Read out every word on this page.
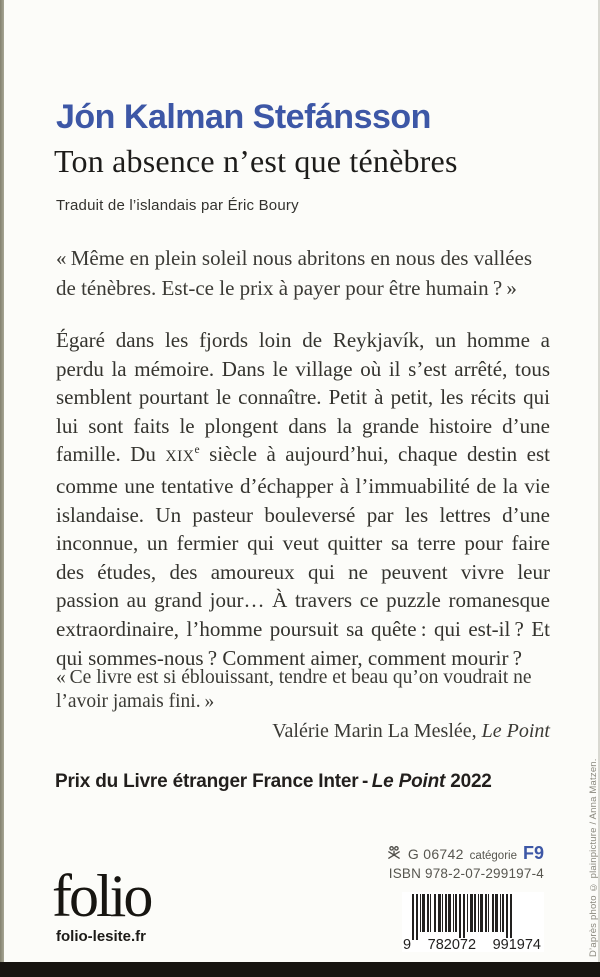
Jón Kalman Stefánsson
Ton absence n’est que ténèbres
Traduit de l’islandais par Éric Boury
« Même en plein soleil nous abritons en nous des vallées de ténèbres. Est-ce le prix à payer pour être humain ? »
Égaré dans les fjords loin de Reykjavík, un homme a perdu la mémoire. Dans le village où il s’est arrêté, tous semblent pourtant le connaître. Petit à petit, les récits qui lui sont faits le plongent dans la grande histoire d’une famille. Du XIXe siècle à aujourd’hui, chaque destin est comme une tentative d’échapper à l’immuabilité de la vie islandaise. Un pasteur bouleversé par les lettres d’une inconnue, un fermier qui veut quitter sa terre pour faire des études, des amoureux qui ne peuvent vivre leur passion au grand jour… À travers ce puzzle romanesque extraordinaire, l’homme poursuit sa quête : qui est-il ? Et qui sommes-nous ? Comment aimer, comment mourir ?
« Ce livre est si éblouissant, tendre et beau qu’on voudrait ne l’avoir jamais fini. »
Valérie Marin La Meslée, Le Point
Prix du Livre étranger France Inter - Le Point 2022
folio
folio-lesite.fr
G 06742 catégorie F9
ISBN 978-2-07-299197-4
9 782072 991974	D’après photo © plainpicture / Anna Matzen.
